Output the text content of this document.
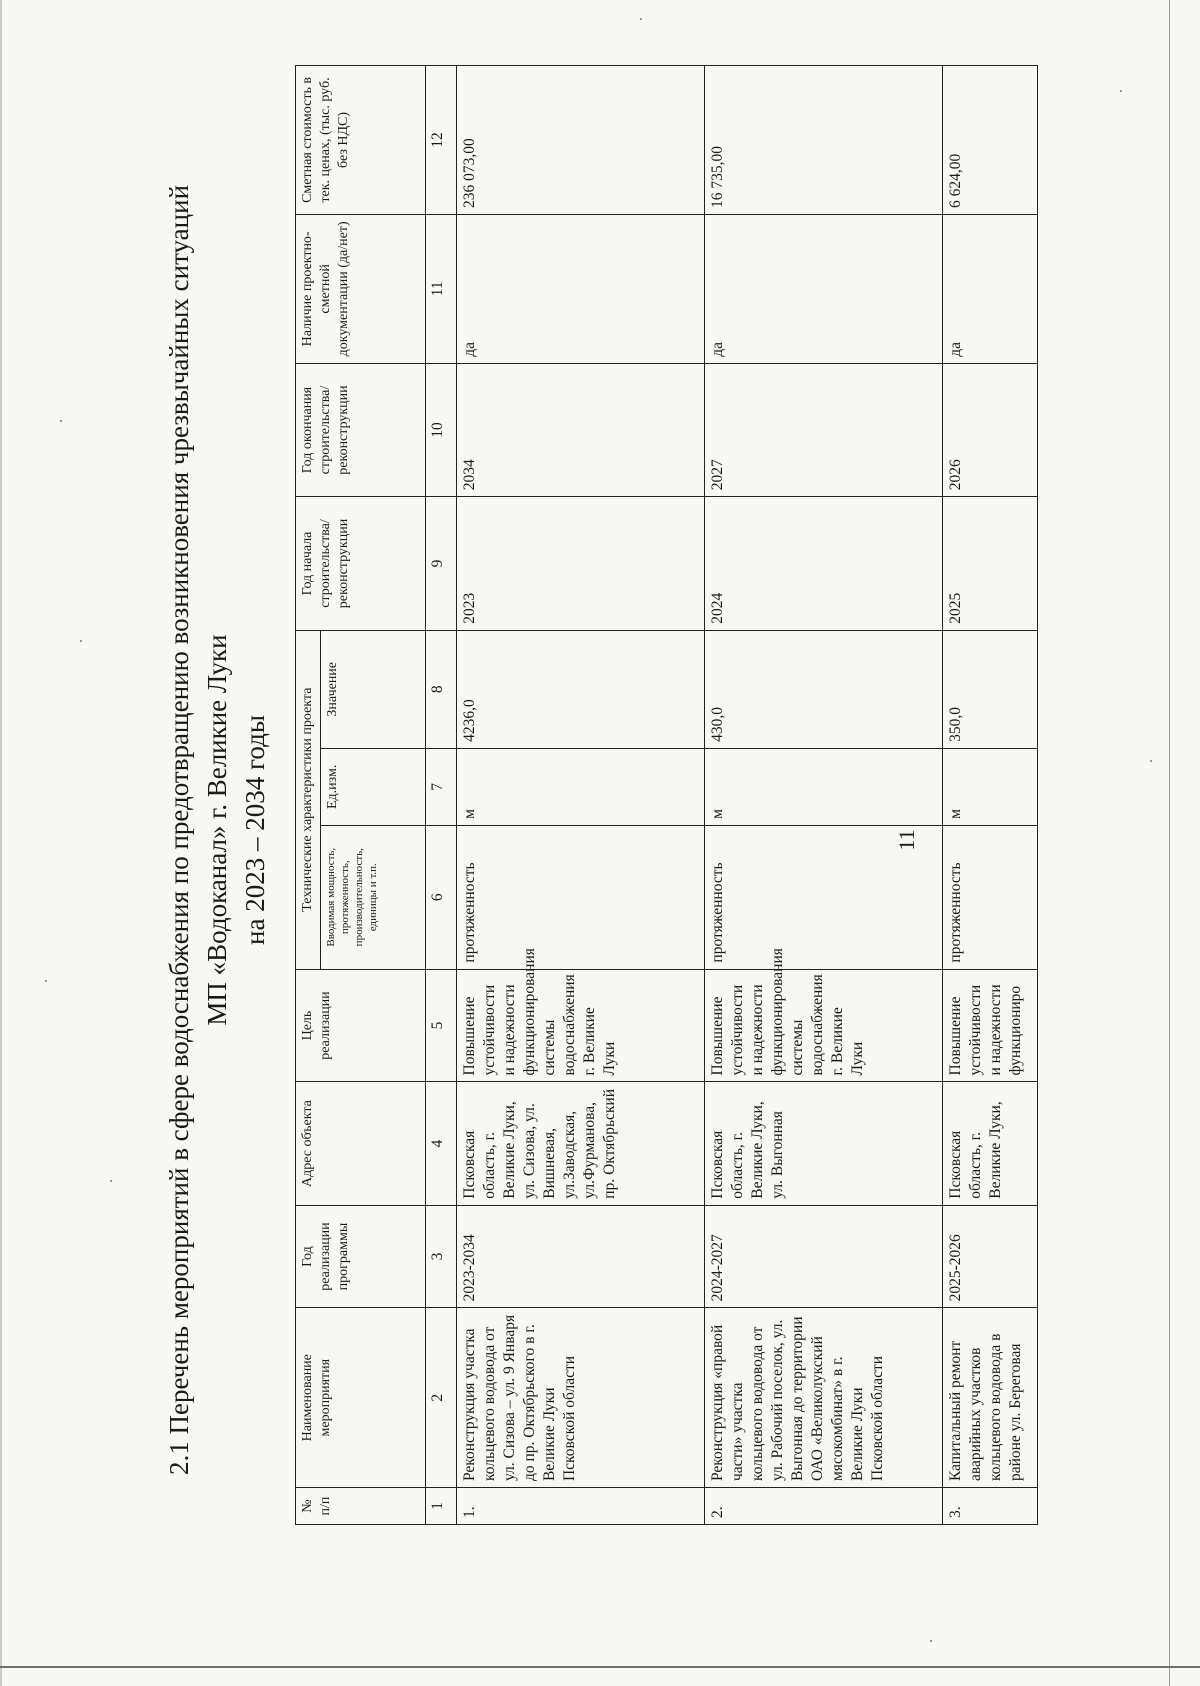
11
2.1 Перечень мероприятий в сфере водоснабжения по предотвращению возникновения чрезвычайных ситуаций МП «Водоканал» г. Великие Луки на 2023 – 2034 годы
№ п/п	Наименование мероприятия	Год реализации программы	Адрес объекта	Цель реализации	Технические характеристики проекта			Год начала строительства/ реконструкции	Год окончания строительства/ реконструкции	Наличие проектно-сметной документации (да/нет)	Сметная стоимость в тек. ценах, (тыс. руб. без НДС)
					Вводимая мощность, протяженность, производительность, единицы и т.п.	Ед.изм.	Значение				
1	2	3	4	5	6	7	8	9	10	11	12
1.	Реконструкция участка кольцевого водовода от ул. Сизова – ул. 9 Января до пр. Октябрьского в г. Великие Луки Псковской области	2023-2034	Псковская область, г. Великие Луки, ул. Сизова, ул. Вишневая, ул.Заводская, ул.Фурманова, пр. Октябрьский	Повышение устойчивости и надежности функционирования системы водоснабжения г. Великие Луки	протяженность	м	4236,0	2023	2034	да	236 073,00
2.	Реконструкция «правой части» участка кольцевого водовода от ул. Рабочий поселок, ул. Выгонная до территории ОАО «Великолукский мясокомбинат» в г. Великие Луки Псковской области	2024-2027	Псковская область, г. Великие Луки, ул. Выгонная	Повышение устойчивости и надежности функционирования системы водоснабжения г. Великие Луки	протяженность	м	430,0	2024	2027	да	16 735,00
3.	Капитальный ремонт аварийных участков кольцевого водовода в районе ул. Береговая	2025-2026	Псковская область, г. Великие Луки,	Повышение устойчивости и надежности функциониро	протяженность	м	350,0	2025	2026	да	6 624,00
